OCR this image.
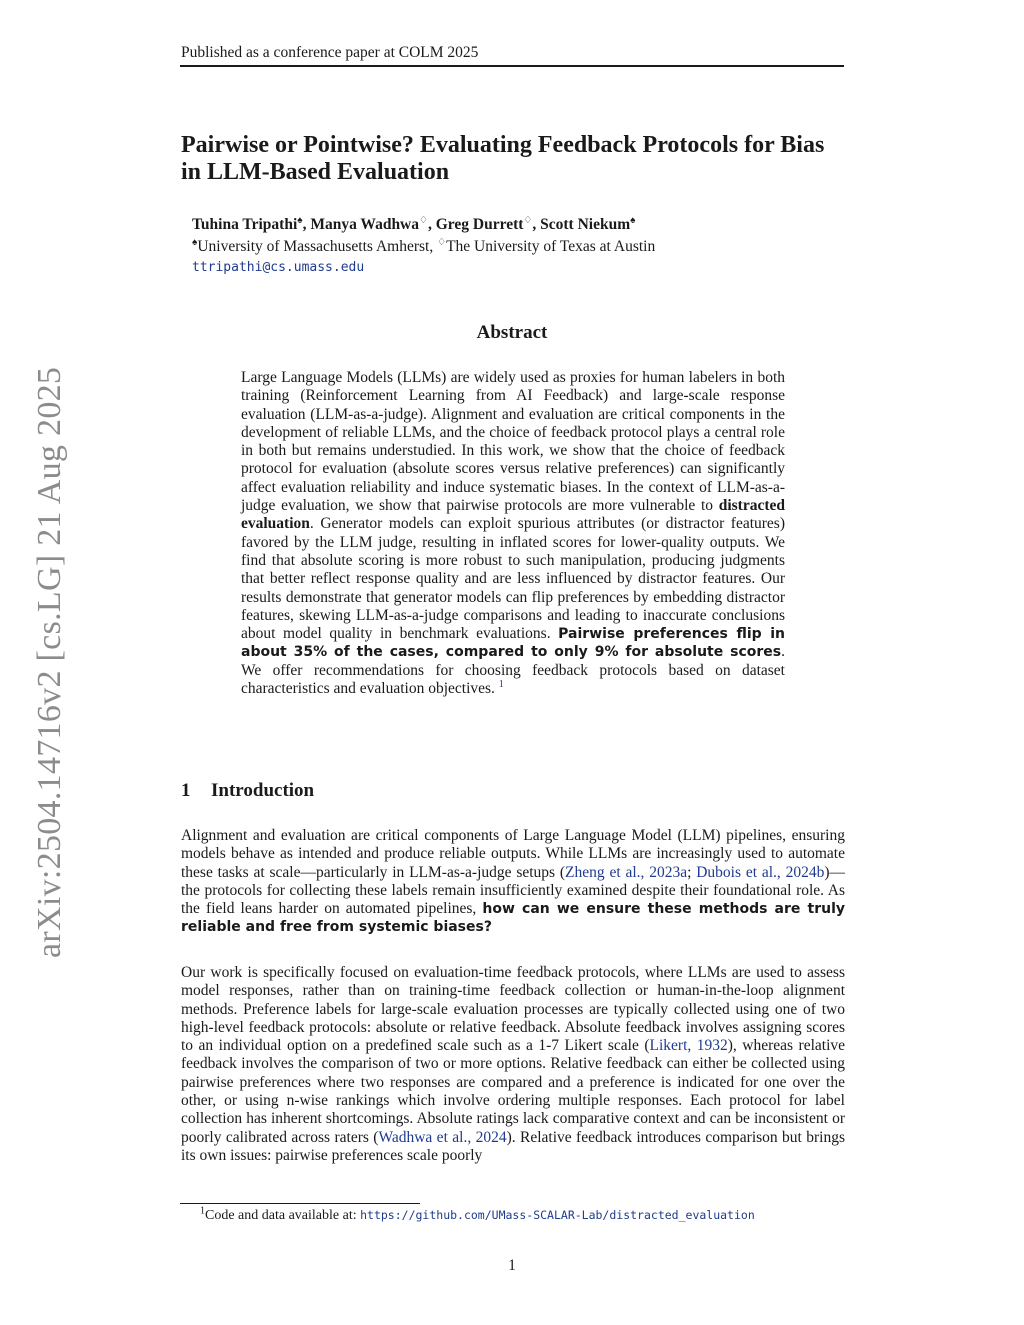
Published as a conference paper at COLM 2025
arXiv:2504.14716v2 [cs.LG] 21 Aug 2025
Pairwise or Pointwise? Evaluating Feedback Protocols for Bias in LLM-Based Evaluation
Tuhina Tripathi♠, Manya Wadhwa♢, Greg Durrett♢, Scott Niekum♠
♠University of Massachusetts Amherst, ♢The University of Texas at Austin
ttripathi@cs.umass.edu
Abstract

Large Language Models (LLMs) are widely used as proxies for human labelers in both training (Reinforcement Learning from AI Feedback) and large-scale response evaluation (LLM-as-a-judge). Alignment and evaluation are critical components in the development of reliable LLMs, and the choice of feedback protocol plays a central role in both but remains understudied. In this work, we show that the choice of feedback protocol for evaluation (absolute scores versus relative preferences) can significantly affect evaluation reliability and induce systematic biases. In the context of LLM-as-a-judge evaluation, we show that pairwise protocols are more vulnerable to distracted evaluation. Generator models can exploit spurious attributes (or distractor features) favored by the LLM judge, resulting in inflated scores for lower-quality outputs. We find that absolute scoring is more robust to such manipulation, producing judgments that better reflect response quality and are less influenced by distractor features. Our results demonstrate that generator models can flip preferences by embedding distractor features, skewing LLM-as-a-judge comparisons and leading to inaccurate conclusions about model quality in benchmark evaluations. Pairwise preferences flip in about 35% of the cases, compared to only 9% for absolute scores. We offer recommendations for choosing feedback protocols based on dataset characteristics and evaluation objectives. $^1$

1 Introduction

Alignment and evaluation are critical components of Large Language Model (LLM) pipelines, ensuring models behave as intended and produce reliable outputs. While LLMs are increasingly used to automate these tasks at scale—particularly in LLM-as-a-judge setups (Zheng et al., 2023a; Dubois et al., 2024b)—the protocols for collecting these labels remain insufficiently examined despite their foundational role. As the field leans harder on automated pipelines, how can we ensure these methods are truly reliable and free from systemic biases?

Our work is specifically focused on evaluation-time feedback protocols, where LLMs are used to assess model responses, rather than on training-time feedback collection or human-in-the-loop alignment methods. Preference labels for large-scale evaluation processes are typically collected using one of two high-level feedback protocols: absolute or relative feedback. Absolute feedback involves assigning scores to an individual option on a predefined scale such as a 1-7 Likert scale (Likert, 1932), whereas relative feedback involves the comparison of two or more options. Relative feedback can either be collected using pairwise preferences where two responses are compared and a preference is indicated for one over the other, or using n-wise rankings which involve ordering multiple responses. Each protocol for label collection has inherent shortcomings. Absolute ratings lack comparative context and can be inconsistent or poorly calibrated across raters (Wadhwa et al., 2024). Relative feedback introduces comparison but brings its own issues: pairwise preferences scale poorly

$^1$Code and data available at: https://github.com/UMass-SCALAR-Lab/distracted_evaluation
1
